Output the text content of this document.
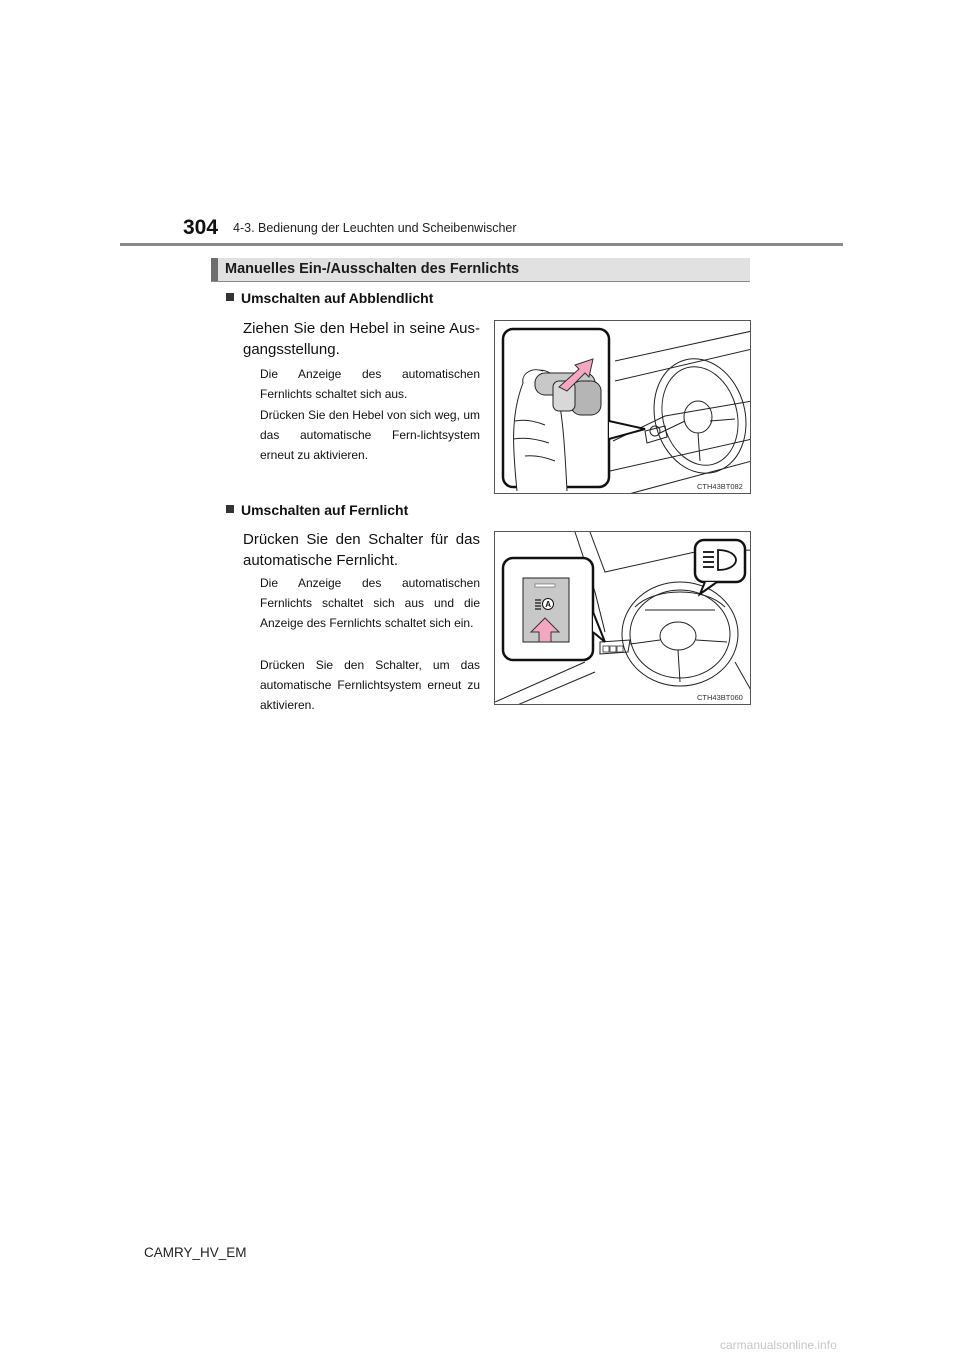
304 4-3. Bedienung der Leuchten und Scheibenwischer
Manuelles Ein-/Ausschalten des Fernlichts
Umschalten auf Abblendlicht
Ziehen Sie den Hebel in seine Aus-gangsstellung.
Die Anzeige des automatischen Fernlichts schaltet sich aus.
Drücken Sie den Hebel von sich weg, um das automatische Fern-lichtsystem erneut zu aktivieren.
CTH43BT082
Umschalten auf Fernlicht
Drücken Sie den Schalter für das automatische Fernlicht.
Die Anzeige des automatischen Fernlichts schaltet sich aus und die Anzeige des Fernlichts schaltet sich ein.
Drücken Sie den Schalter, um das automatische Fernlichtsystem erneut zu aktivieren.
A
CTH43BT060
CAMRY_HV_EM
carmanualsonline.info
